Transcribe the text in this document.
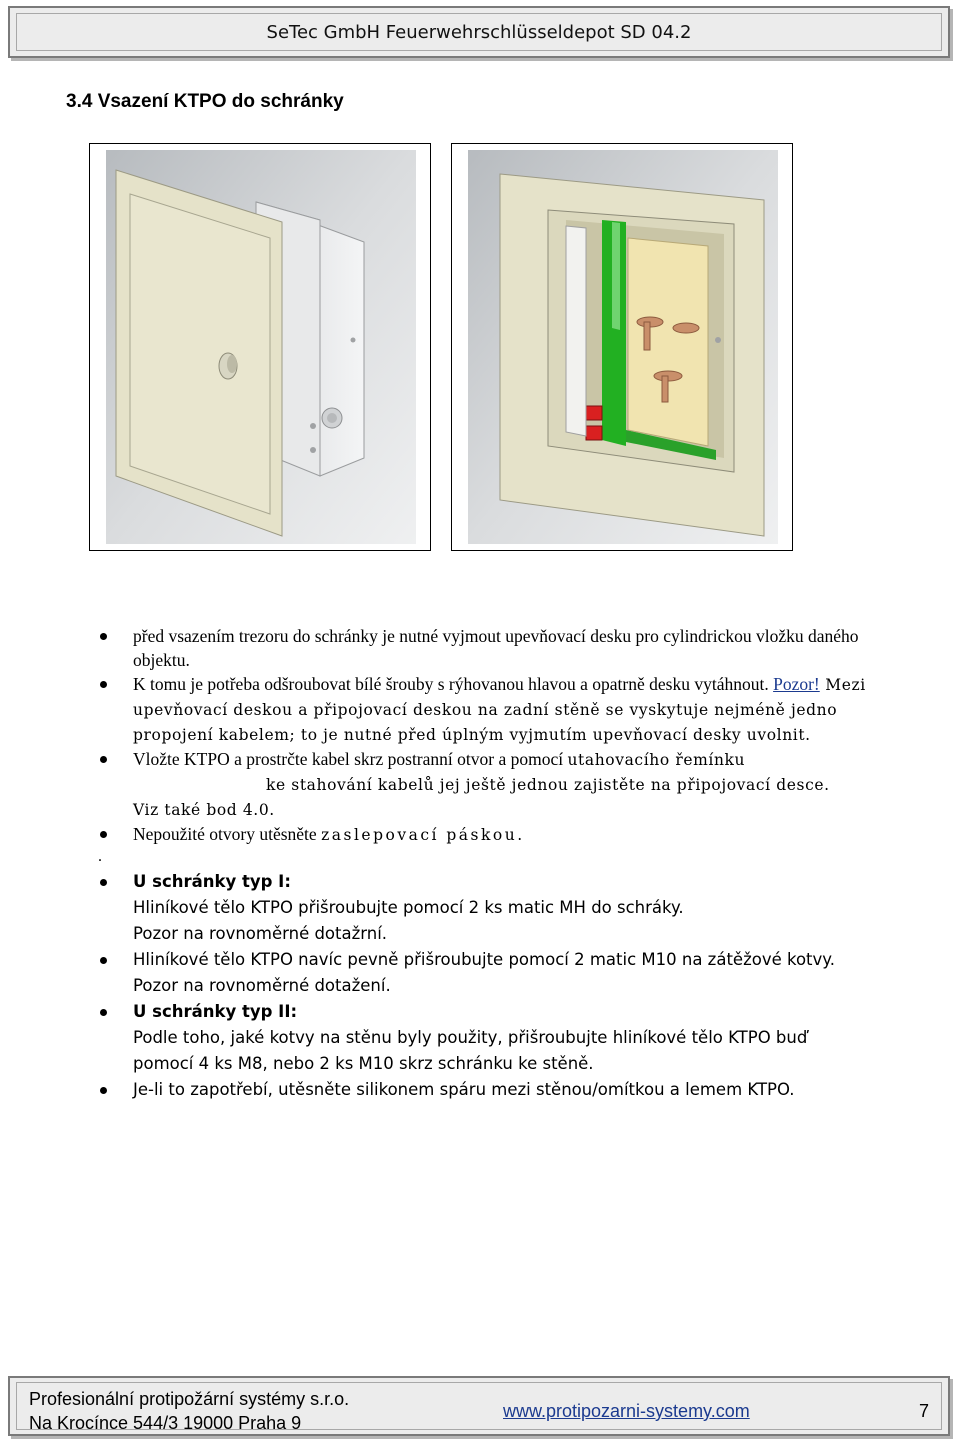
SeTec GmbH Feuerwehrschlüsseldepot SD 04.2
3.4 Vsazení KTPO do schránky
před vsazením trezoru do schránky je nutné vyjmout upevňovací desku pro cylindrickou vložku daného objektu.
K tomu je potřeba odšroubovat bílé šrouby s rýhovanou hlavou a opatrně desku vytáhnout. Pozor! Mezi upevňovací deskou a připojovací deskou na zadní stěně se vyskytuje nejméně jedno propojení kabelem; to je nutné před úplným vyjmutím upevňovací desky uvolnit.
Vložte KTPO a prostrčte kabel skrz postranní otvor a pomocí utahovacího řemínku
ke stahování kabelů jej ještě jednou zajistěte na připojovací desce.
Viz také bod 4.0.
Nepoužité otvory utěsněte zaslepovací páskou.
.
U schránky typ I:
Hliníkové tělo KTPO přišroubujte pomocí 2 ks matic MH do schráky.
Pozor na rovnoměrné dotažrní.
Hliníkové tělo KTPO navíc pevně přišroubujte pomocí 2 matic M10 na zátěžové kotvy.
Pozor na rovnoměrné dotažení.
U schránky typ II:
Podle toho, jaké kotvy na stěnu byly použity, přišroubujte hliníkové tělo KTPO buď
pomocí 4 ks M8, nebo 2 ks M10 skrz schránku ke stěně.
Je-li to zapotřebí, utěsněte silikonem spáru mezi stěnou/omítkou a lemem KTPO.
Profesionální protipožární systémy s.r.o.
Na Krocínce 544/3 19000 Praha 9
www.protipozarni-systemy.com	7
